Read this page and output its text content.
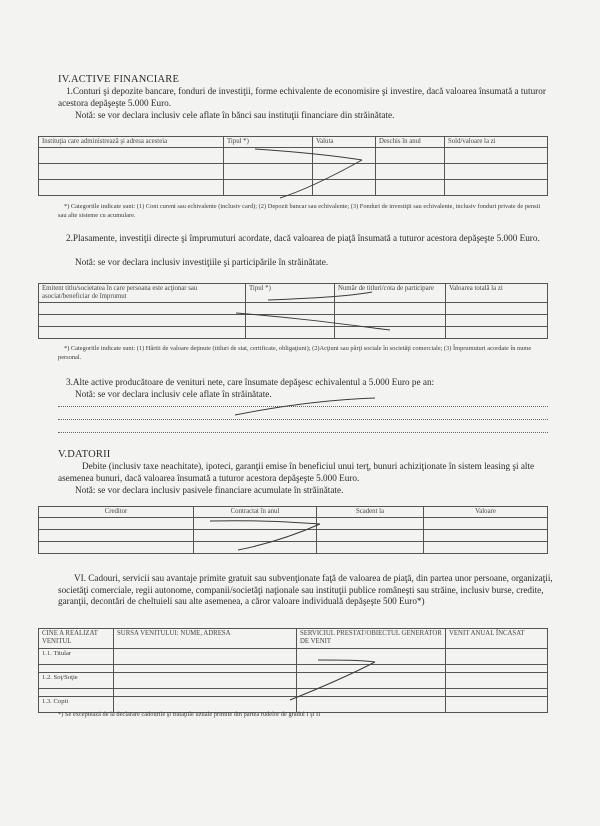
IV.ACTIVE FINANCIARE
1.Conturi şi depozite bancare, fonduri de investiţii, forme echivalente de economisire şi investire, dacă valoarea însumată a tuturor acestora depăşeşte 5.000 Euro.
Notă: se vor declara inclusiv cele aflate în bănci sau instituţii financiare din străinătate.
Instituţia care administrează şi adresa acesteia	Tipul *)	Valuta	Deschis în anul	Sold/valoare la zi

*) Categoriile indicate sunt: (1) Cont curent sau echivalente (inclusiv card); (2) Depozit bancar sau echivalente; (3) Fonduri de investiţii sau echivalente, inclusiv fonduri private de pensii sau alte sisteme cu acumulare.
2.Plasamente, investiţii directe şi împrumuturi acordate, dacă valoarea de piaţă însumată a tuturor acestora depăşeşte 5.000 Euro.
Notă: se vor declara inclusiv investiţiile şi participările în străinătate.
Emitent titlu/societatea în care persoana este acţionar sau asociat/beneficiar de împrumut	Tipul *)	Număr de titluri/cota de participare	Valoarea totală la zi

*) Categoriile indicate sunt: (1) Hârtii de valoare deţinute (titluri de stat, certificate, obligaţiuni); (2)Acţiuni sau părţi sociale în societăţi comerciale; (3) Împrumuturi acordate în nume personal.
3.Alte active producătoare de venituri nete, care însumate depăşesc echivalentul a 5.000 Euro pe an:
Notă: se vor declara inclusiv cele aflate în străinătate.
V.DATORII
Debite (inclusiv taxe neachitate), ipoteci, garanţii emise în beneficiul unui terţ, bunuri achiziţionate în sistem leasing şi alte asemenea bunuri, dacă valoarea însumată a tuturor acestora depăşeşte 5.000 Euro.
Notă: se vor declara inclusiv pasivele financiare acumulate în străinătate.
Creditor	Contractat în anul	Scadent la	Valoare

VI. Cadouri, servicii sau avantaje primite gratuit sau subvenţionate faţă de valoarea de piaţă, din partea unor persoane, organizaţii, societăţi comerciale, regii autonome, companii/societăţi naţionale sau instituţii publice româneşti sau străine, inclusiv burse, credite, garanţii, decontări de cheltuieli sau alte asemenea, a căror valoare individuală depăşeşte 500 Euro*)
CINE A REALIZAT VENITUL	SURSA VENITULUI: NUME, ADRESA	SERVICIUL PRESTAT/OBIECTUL GENERATOR DE VENIT	VENIT ANUAL ÎNCASAT
1.1. Titular			

1.2. Soţ/Soţie			

1.3. Copii			
*) Se exceptează de la declarare cadourile şi trataţiile uzuale primite din partea rudelor de gradul I şi II
